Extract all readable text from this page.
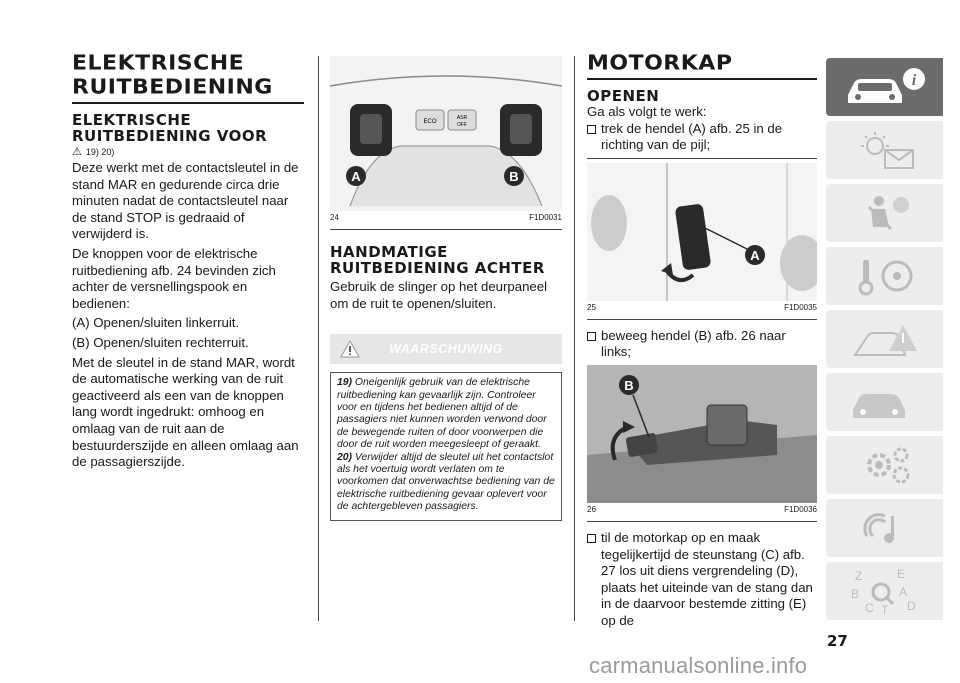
ELEKTRISCHE
RUITBEDIENING
ELEKTRISCHE
RUITBEDIENING VOOR
⚠ 19) 20)

Deze werkt met de contactsleutel in de stand MAR en gedurende circa drie minuten nadat de contactsleutel naar de stand STOP is gedraaid of verwijderd is.

De knoppen voor de elektrische ruitbediening afb. 24 bevinden zich achter de versnellingspook en bedienen:

(A) Openen/sluiten linkerruit.

(B) Openen/sluiten rechterruit.

Met de sleutel in de stand MAR, wordt de automatische werking van de ruit geactiveerd als een van de knoppen lang wordt ingedrukt: omhoog en omlaag van de ruit aan de bestuurderszijde en alleen omlaag aan de passagierszijde.

ECO
ASR
OFF
A	B
24	F1D0031
HANDMATIGE
RUITBEDIENING ACHTER

Gebruik de slinger op het deurpaneel om de ruit te openen/sluiten.

WAARSCHUWING
19) Oneigenlijk gebruik van de elektrische ruitbediening kan gevaarlijk zijn. Controleer voor en tijdens het bedienen altijd of de passagiers niet kunnen worden verwond door de bewegende ruiten of door voorwerpen die door de ruit worden meegesleept of geraakt.
20) Verwijder altijd de sleutel uit het contactslot als het voertuig wordt verlaten om te voorkomen dat onverwachtse bediening van de elektrische ruitbediening gevaar oplevert voor de achtergebleven passagiers.
MOTORKAP
OPENEN

Ga als volgt te werk:

trek de hendel (A) afb. 25 in de richting van de pijl;
A
25	F1D0035
beweeg hendel (B) afb. 26 naar links;
B
26	F1D0036
til de motorkap op en maak tegelijkertijd de steunstang (C) afb. 27 los uit diens vergrendeling (D), plaats het uiteinde van de stang dan in de daarvoor bestemde zitting (E) op de
i
Z	E
B	A
C	D
T
27
carmanualsonline.info
